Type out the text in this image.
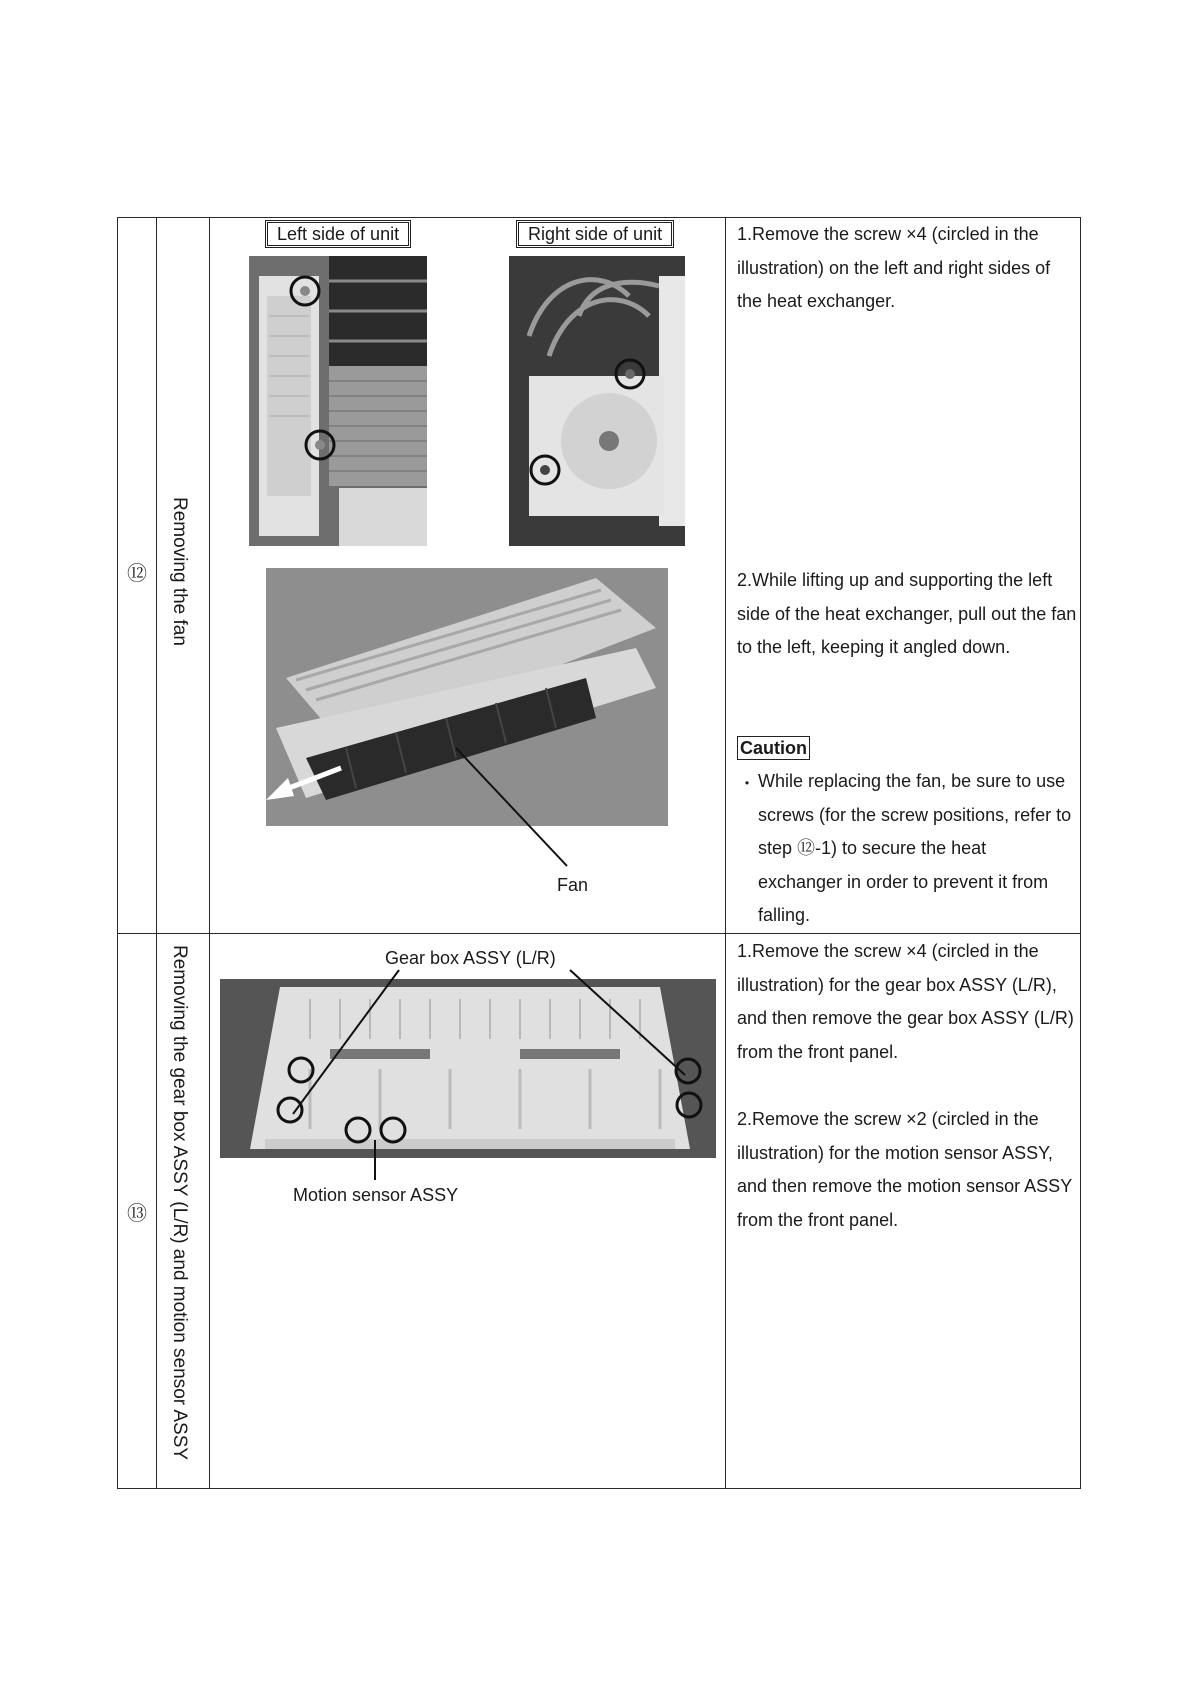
⑫	Removing the fan
Left side of unit	Right side of unit
Fan
1.Remove the screw ×4 (circled in the illustration) on the left and right sides of the heat exchanger.
2.While lifting up and supporting the left side of the heat exchanger, pull out the fan to the left, keeping it angled down.
Caution
・ While replacing the fan, be sure to use screws (for the screw positions, refer to step ⑫-1) to secure the heat exchanger in order to prevent it from falling.
⑬	Removing the gear box ASSY (L/R) and motion sensor ASSY	Gear box ASSY (L/R)
Motion sensor ASSY
1.Remove the screw ×4 (circled in the illustration) for the gear box ASSY (L/R), and then remove the gear box ASSY (L/R) from the front panel.
2.Remove the screw ×2 (circled in the illustration) for the motion sensor ASSY, and then remove the motion sensor ASSY from the front panel.
